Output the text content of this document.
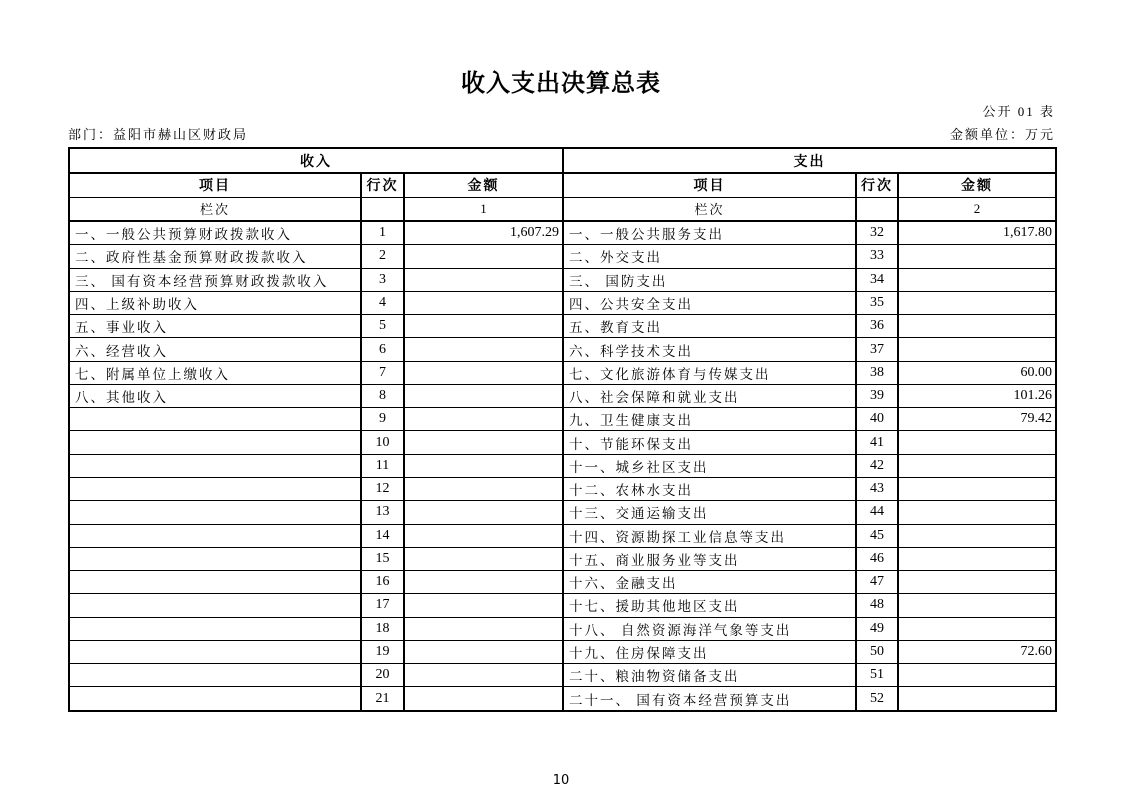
收入支出决算总表
公开 01 表
部门：益阳市赫山区财政局	金额单位：万元
收入			支出		
项目	行次	金额	项目	行次	金额
栏次		1	栏次		2
一、一般公共预算财政拨款收入	1	1,607.29	一、一般公共服务支出	32	1,617.80
二、政府性基金预算财政拨款收入	2		二、外交支出	33	
三、 国有资本经营预算财政拨款收入	3		三、 国防支出	34	
四、上级补助收入	4		四、公共安全支出	35	
五、事业收入	5		五、教育支出	36	
六、经营收入	6		六、科学技术支出	37	
七、附属单位上缴收入	7		七、文化旅游体育与传媒支出	38	60.00
八、其他收入	8		八、社会保障和就业支出	39	101.26
	9		九、卫生健康支出	40	79.42
	10		十、节能环保支出	41	
	11		十一、城乡社区支出	42	
	12		十二、农林水支出	43	
	13		十三、交通运输支出	44	
	14		十四、资源勘探工业信息等支出	45	
	15		十五、商业服务业等支出	46	
	16		十六、金融支出	47	
	17		十七、援助其他地区支出	48	
	18		十八、 自然资源海洋气象等支出	49	
	19		十九、住房保障支出	50	72.60
	20		二十、粮油物资储备支出	51	
	21		二十一、 国有资本经营预算支出	52	
10
